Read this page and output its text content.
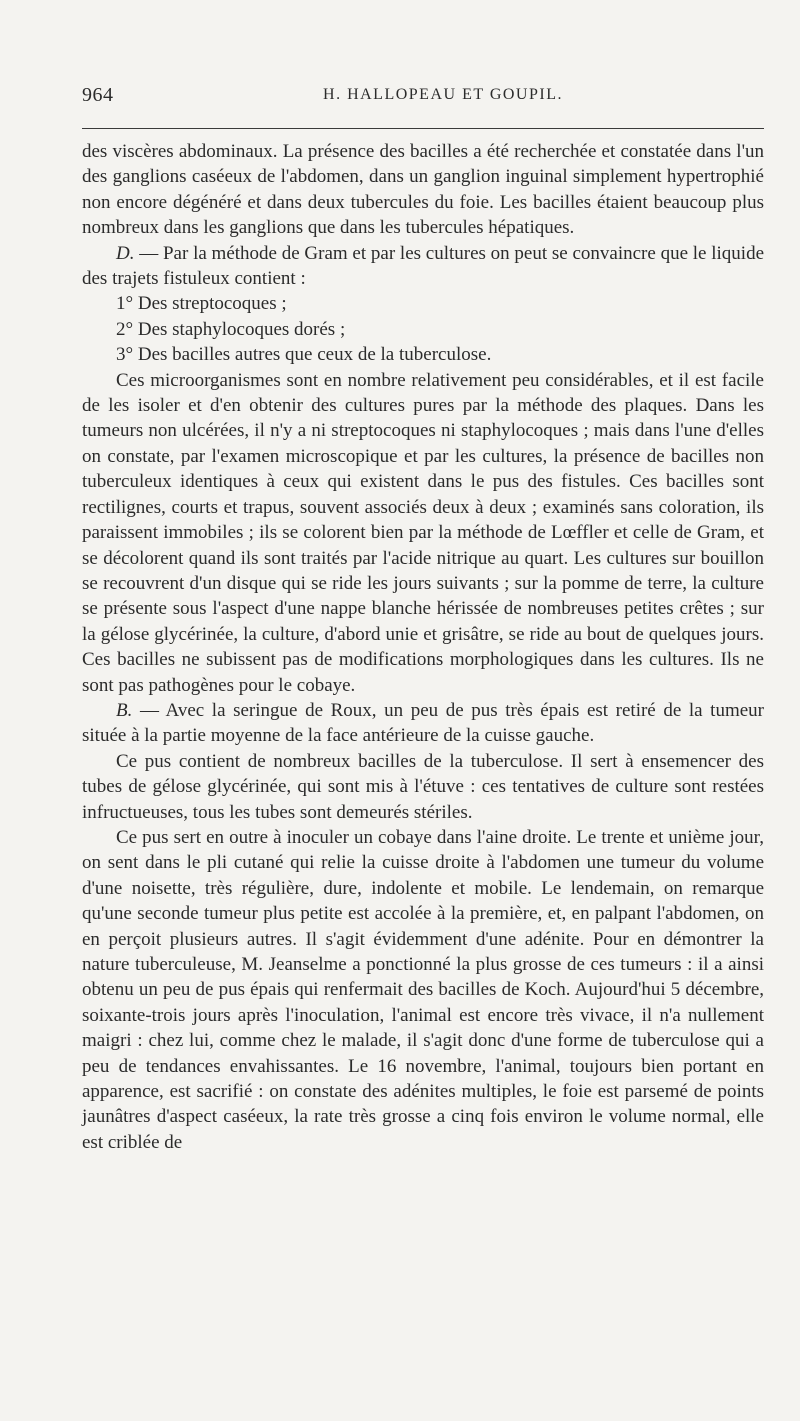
964	H. HALLOPEAU ET GOUPIL.

des viscères abdominaux. La présence des bacilles a été recherchée et constatée dans l'un des ganglions caséeux de l'abdomen, dans un ganglion inguinal simplement hypertrophié non encore dégénéré et dans deux tubercules du foie. Les bacilles étaient beaucoup plus nombreux dans les ganglions que dans les tubercules hépatiques.

D. — Par la méthode de Gram et par les cultures on peut se convaincre que le liquide des trajets fistuleux contient :

1° Des streptocoques ;

2° Des staphylocoques dorés ;

3° Des bacilles autres que ceux de la tuberculose.

Ces microorganismes sont en nombre relativement peu considérables, et il est facile de les isoler et d'en obtenir des cultures pures par la méthode des plaques. Dans les tumeurs non ulcérées, il n'y a ni streptocoques ni staphylocoques ; mais dans l'une d'elles on constate, par l'examen microscopique et par les cultures, la présence de bacilles non tuberculeux identiques à ceux qui existent dans le pus des fistules. Ces bacilles sont rectilignes, courts et trapus, souvent associés deux à deux ; examinés sans coloration, ils paraissent immobiles ; ils se colorent bien par la méthode de Lœffler et celle de Gram, et se décolorent quand ils sont traités par l'acide nitrique au quart. Les cultures sur bouillon se recouvrent d'un disque qui se ride les jours suivants ; sur la pomme de terre, la culture se présente sous l'aspect d'une nappe blanche hérissée de nombreuses petites crêtes ; sur la gélose glycérinée, la culture, d'abord unie et grisâtre, se ride au bout de quelques jours. Ces bacilles ne subissent pas de modifications morphologiques dans les cultures. Ils ne sont pas pathogènes pour le cobaye.

B. — Avec la seringue de Roux, un peu de pus très épais est retiré de la tumeur située à la partie moyenne de la face antérieure de la cuisse gauche.

Ce pus contient de nombreux bacilles de la tuberculose. Il sert à ensemencer des tubes de gélose glycérinée, qui sont mis à l'étuve : ces tentatives de culture sont restées infructueuses, tous les tubes sont demeurés stériles.

Ce pus sert en outre à inoculer un cobaye dans l'aine droite. Le trente et unième jour, on sent dans le pli cutané qui relie la cuisse droite à l'abdomen une tumeur du volume d'une noisette, très régulière, dure, indolente et mobile. Le lendemain, on remarque qu'une seconde tumeur plus petite est accolée à la première, et, en palpant l'abdomen, on en perçoit plusieurs autres. Il s'agit évidemment d'une adénite. Pour en démontrer la nature tuberculeuse, M. Jeanselme a ponctionné la plus grosse de ces tumeurs : il a ainsi obtenu un peu de pus épais qui renfermait des bacilles de Koch. Aujourd'hui 5 décembre, soixante-trois jours après l'inoculation, l'animal est encore très vivace, il n'a nullement maigri : chez lui, comme chez le malade, il s'agit donc d'une forme de tuberculose qui a peu de tendances envahissantes. Le 16 novembre, l'animal, toujours bien portant en apparence, est sacrifié : on constate des adénites multiples, le foie est parsemé de points jaunâtres d'aspect caséeux, la rate très grosse a cinq fois environ le volume normal, elle est criblée de
